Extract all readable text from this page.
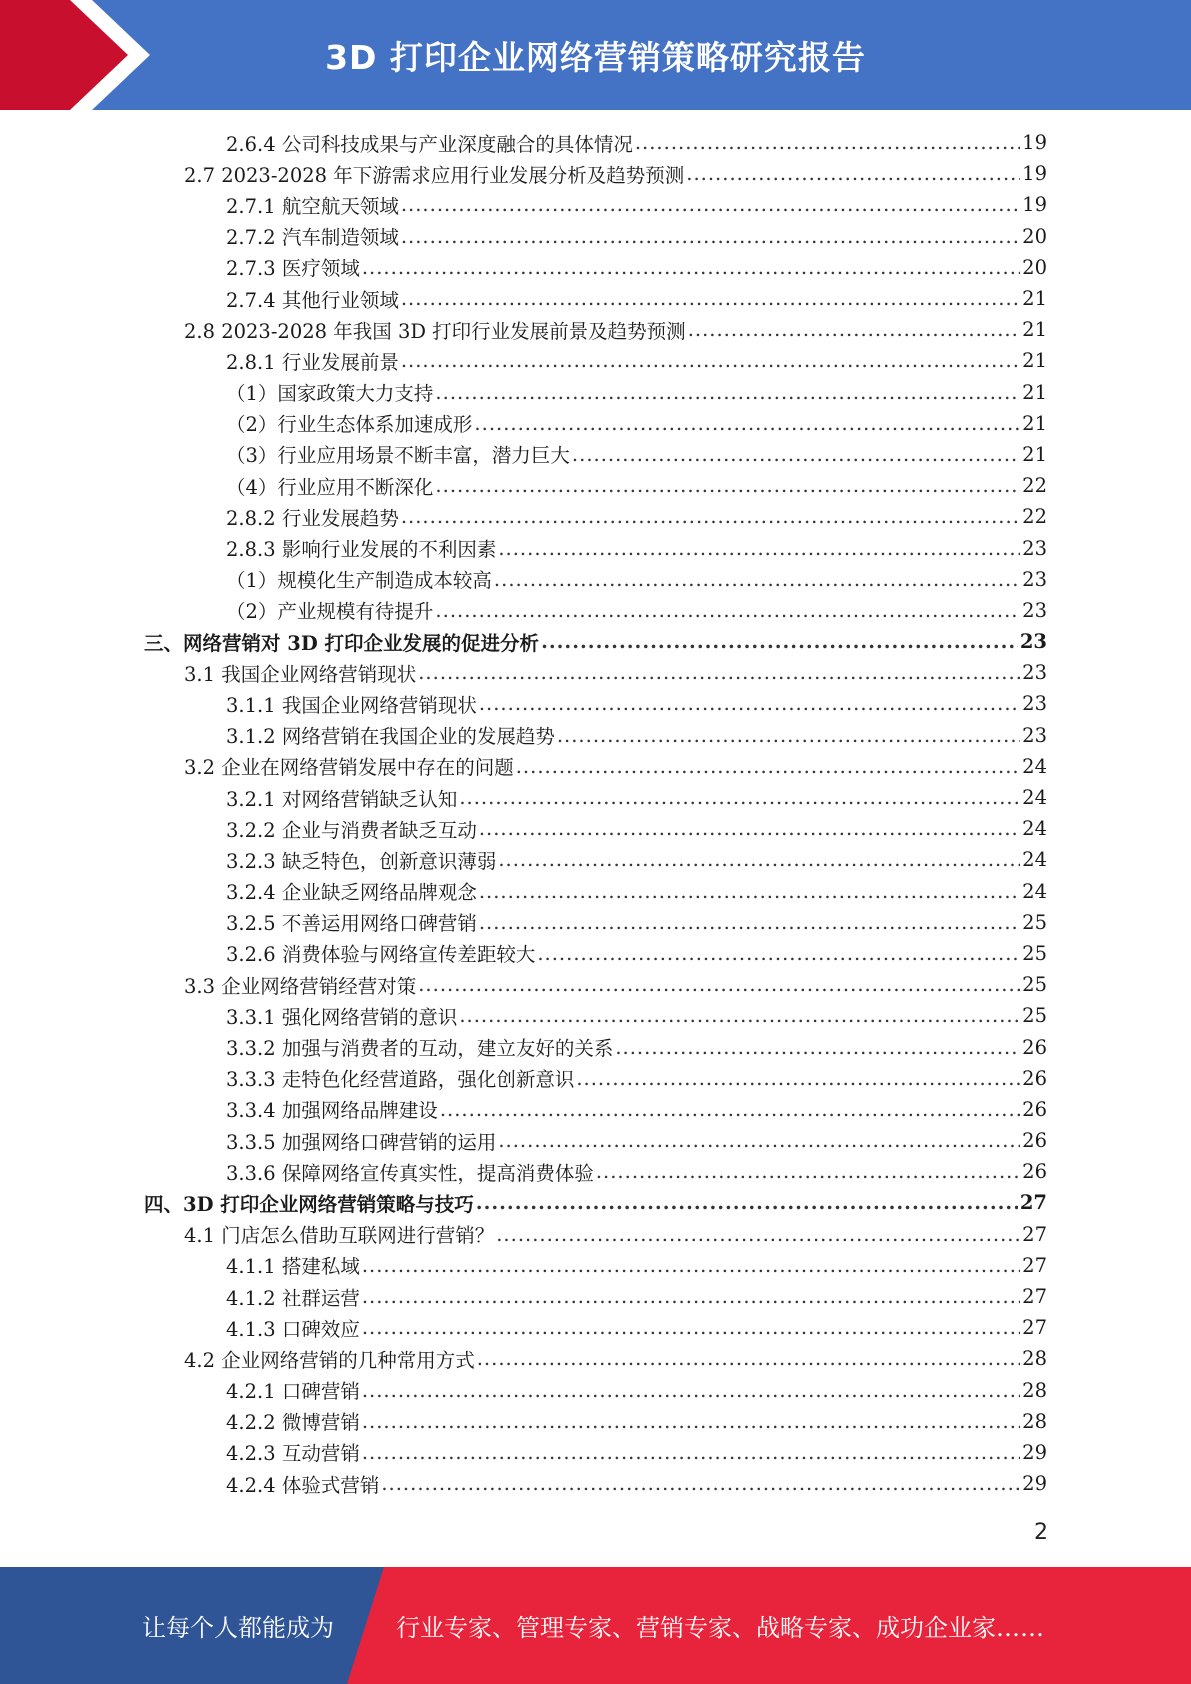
3D 打印企业网络营销策略研究报告
2.6.4 公司科技成果与产业深度融合的具体情况 .....	19
2.7 2023-2028 年下游需求应用行业发展分析及趋势预测 .....	19
2.7.1 航空航天领域 .....	19
2.7.2 汽车制造领域 .....	20
2.7.3 医疗领域 .....	20
2.7.4 其他行业领域 .....	21
2.8 2023-2028 年我国 3D 打印行业发展前景及趋势预测 .....	21
2.8.1 行业发展前景 .....	21
（1）国家政策大力支持 .....	21
（2）行业生态体系加速成形 .....	21
（3）行业应用场景不断丰富，潜力巨大 .....	21
（4）行业应用不断深化 .....	22
2.8.2 行业发展趋势 .....	22
2.8.3 影响行业发展的不利因素 .....	23
（1）规模化生产制造成本较高 .....	23
（2）产业规模有待提升 .....	23
三、网络营销对 3D 打印企业发展的促进分析 .....	23
3.1 我国企业网络营销现状 .....	23
3.1.1 我国企业网络营销现状 .....	23
3.1.2 网络营销在我国企业的发展趋势 .....	23
3.2 企业在网络营销发展中存在的问题 .....	24
3.2.1 对网络营销缺乏认知 .....	24
3.2.2 企业与消费者缺乏互动 .....	24
3.2.3 缺乏特色，创新意识薄弱 .....	24
3.2.4 企业缺乏网络品牌观念 .....	24
3.2.5 不善运用网络口碑营销 .....	25
3.2.6 消费体验与网络宣传差距较大 .....	25
3.3 企业网络营销经营对策 .....	25
3.3.1 强化网络营销的意识 .....	25
3.3.2 加强与消费者的互动，建立友好的关系 .....	26
3.3.3 走特色化经营道路，强化创新意识 .....	26
3.3.4 加强网络品牌建设 .....	26
3.3.5 加强网络口碑营销的运用 .....	26
3.3.6 保障网络宣传真实性，提高消费体验 .....	26
四、3D 打印企业网络营销策略与技巧 .....	27
4.1 门店怎么借助互联网进行营销？ .....	27
4.1.1 搭建私域 .....	27
4.1.2 社群运营 .....	27
4.1.3 口碑效应 .....	27
4.2 企业网络营销的几种常用方式 .....	28
4.2.1 口碑营销 .....	28
4.2.2 微博营销 .....	28
4.2.3 互动营销 .....	29
4.2.4 体验式营销 .....	29
2
让每个人都能成为	行业专家、管理专家、营销专家、战略专家、成功企业家……
